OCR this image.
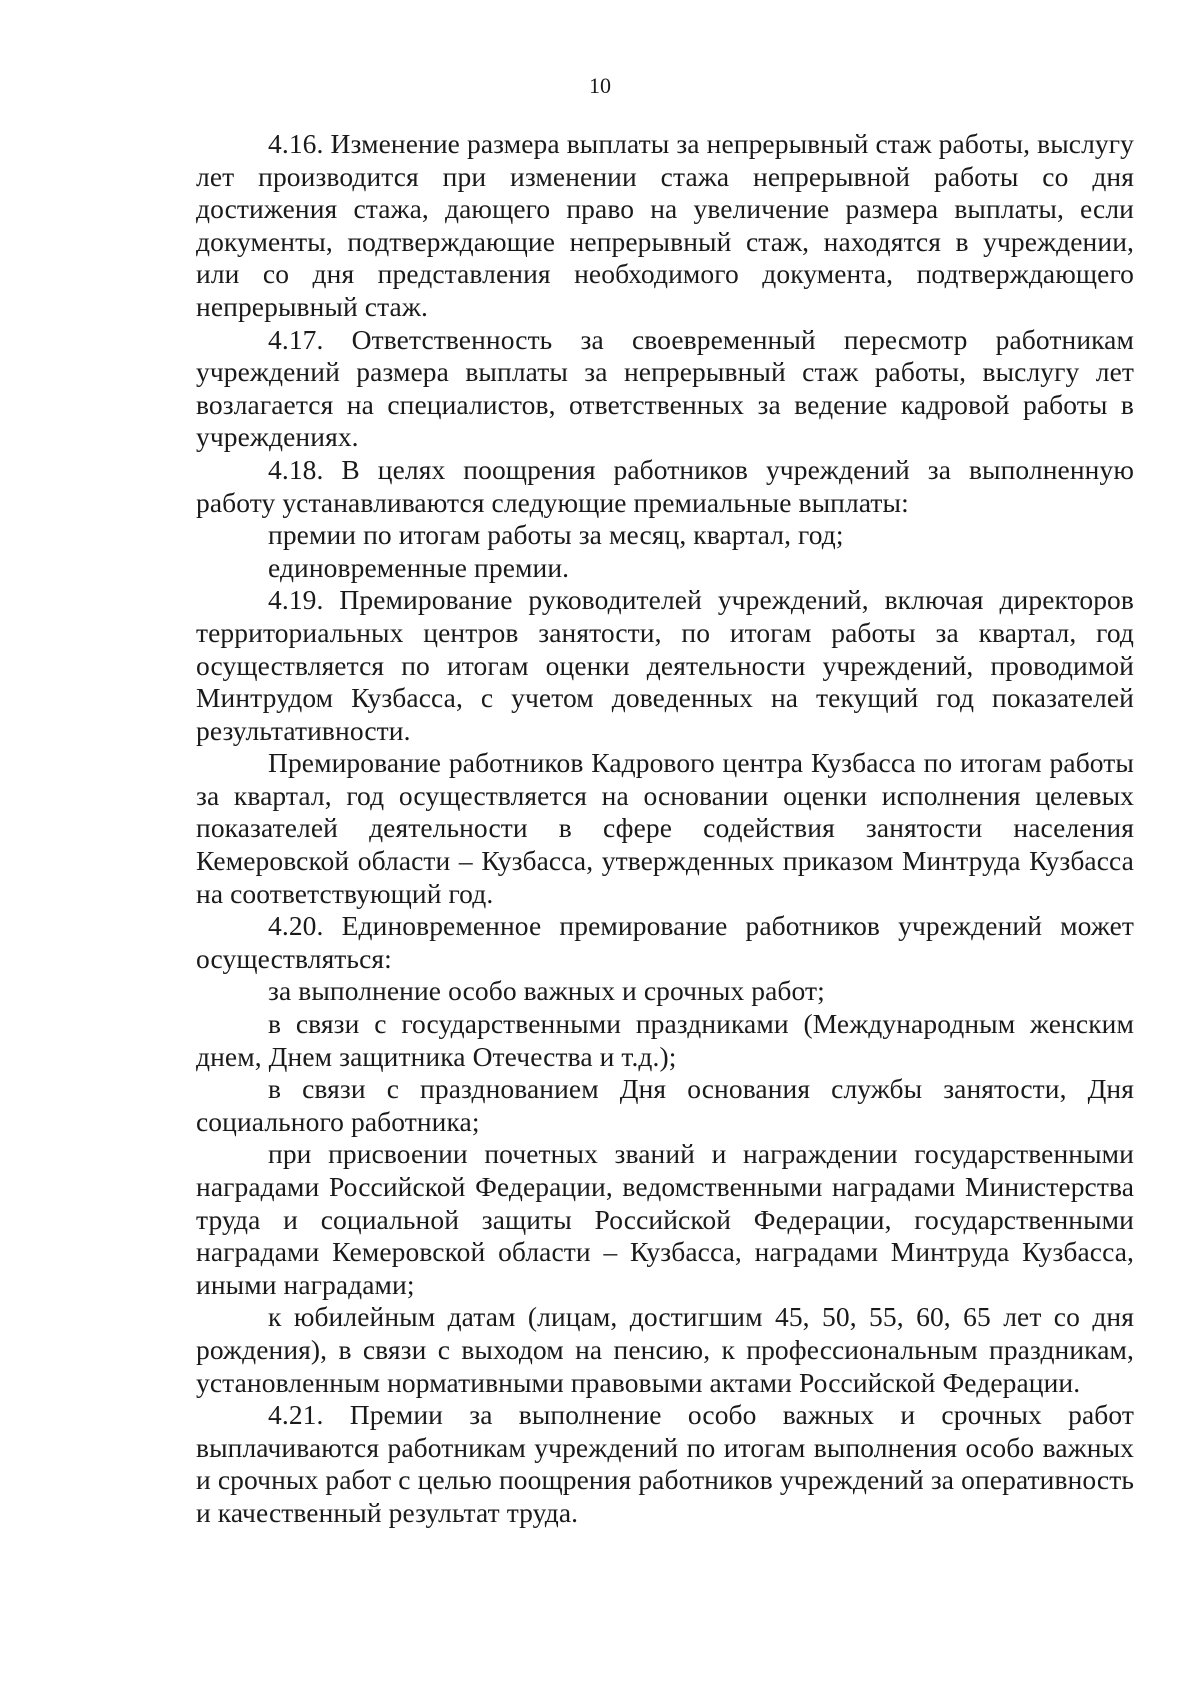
10

4.16. Изменение размера выплаты за непрерывный стаж работы, выслугу лет производится при изменении стажа непрерывной работы со дня достижения стажа, дающего право на увеличение размера выплаты, если документы, подтверждающие непрерывный стаж, находятся в учреждении, или со дня представления необходимого документа, подтверждающего непрерывный стаж.

4.17. Ответственность за своевременный пересмотр работникам учреждений размера выплаты за непрерывный стаж работы, выслугу лет возлагается на специалистов, ответственных за ведение кадровой работы в учреждениях.

4.18. В целях поощрения работников учреждений за выполненную работу устанавливаются следующие премиальные выплаты:

премии по итогам работы за месяц, квартал, год;

единовременные премии.

4.19. Премирование руководителей учреждений, включая директоров территориальных центров занятости, по итогам работы за квартал, год осуществляется по итогам оценки деятельности учреждений, проводимой Минтрудом Кузбасса, с учетом доведенных на текущий год показателей результативности.

Премирование работников Кадрового центра Кузбасса по итогам работы за квартал, год осуществляется на основании оценки исполнения целевых показателей деятельности в сфере содействия занятости населения Кемеровской области – Кузбасса, утвержденных приказом Минтруда Кузбасса на соответствующий год.

4.20. Единовременное премирование работников учреждений может осуществляться:

за выполнение особо важных и срочных работ;

в связи с государственными праздниками (Международным женским днем, Днем защитника Отечества и т.д.);

в связи с празднованием Дня основания службы занятости, Дня социального работника;

при присвоении почетных званий и награждении государственными наградами Российской Федерации, ведомственными наградами Министерства труда и социальной защиты Российской Федерации, государственными наградами Кемеровской области – Кузбасса, наградами Минтруда Кузбасса, иными наградами;

к юбилейным датам (лицам, достигшим 45, 50, 55, 60, 65 лет со дня рождения), в связи с выходом на пенсию, к профессиональным праздникам, установленным нормативными правовыми актами Российской Федерации.

4.21. Премии за выполнение особо важных и срочных работ выплачиваются работникам учреждений по итогам выполнения особо важных и срочных работ с целью поощрения работников учреждений за оперативность и качественный результат труда.
